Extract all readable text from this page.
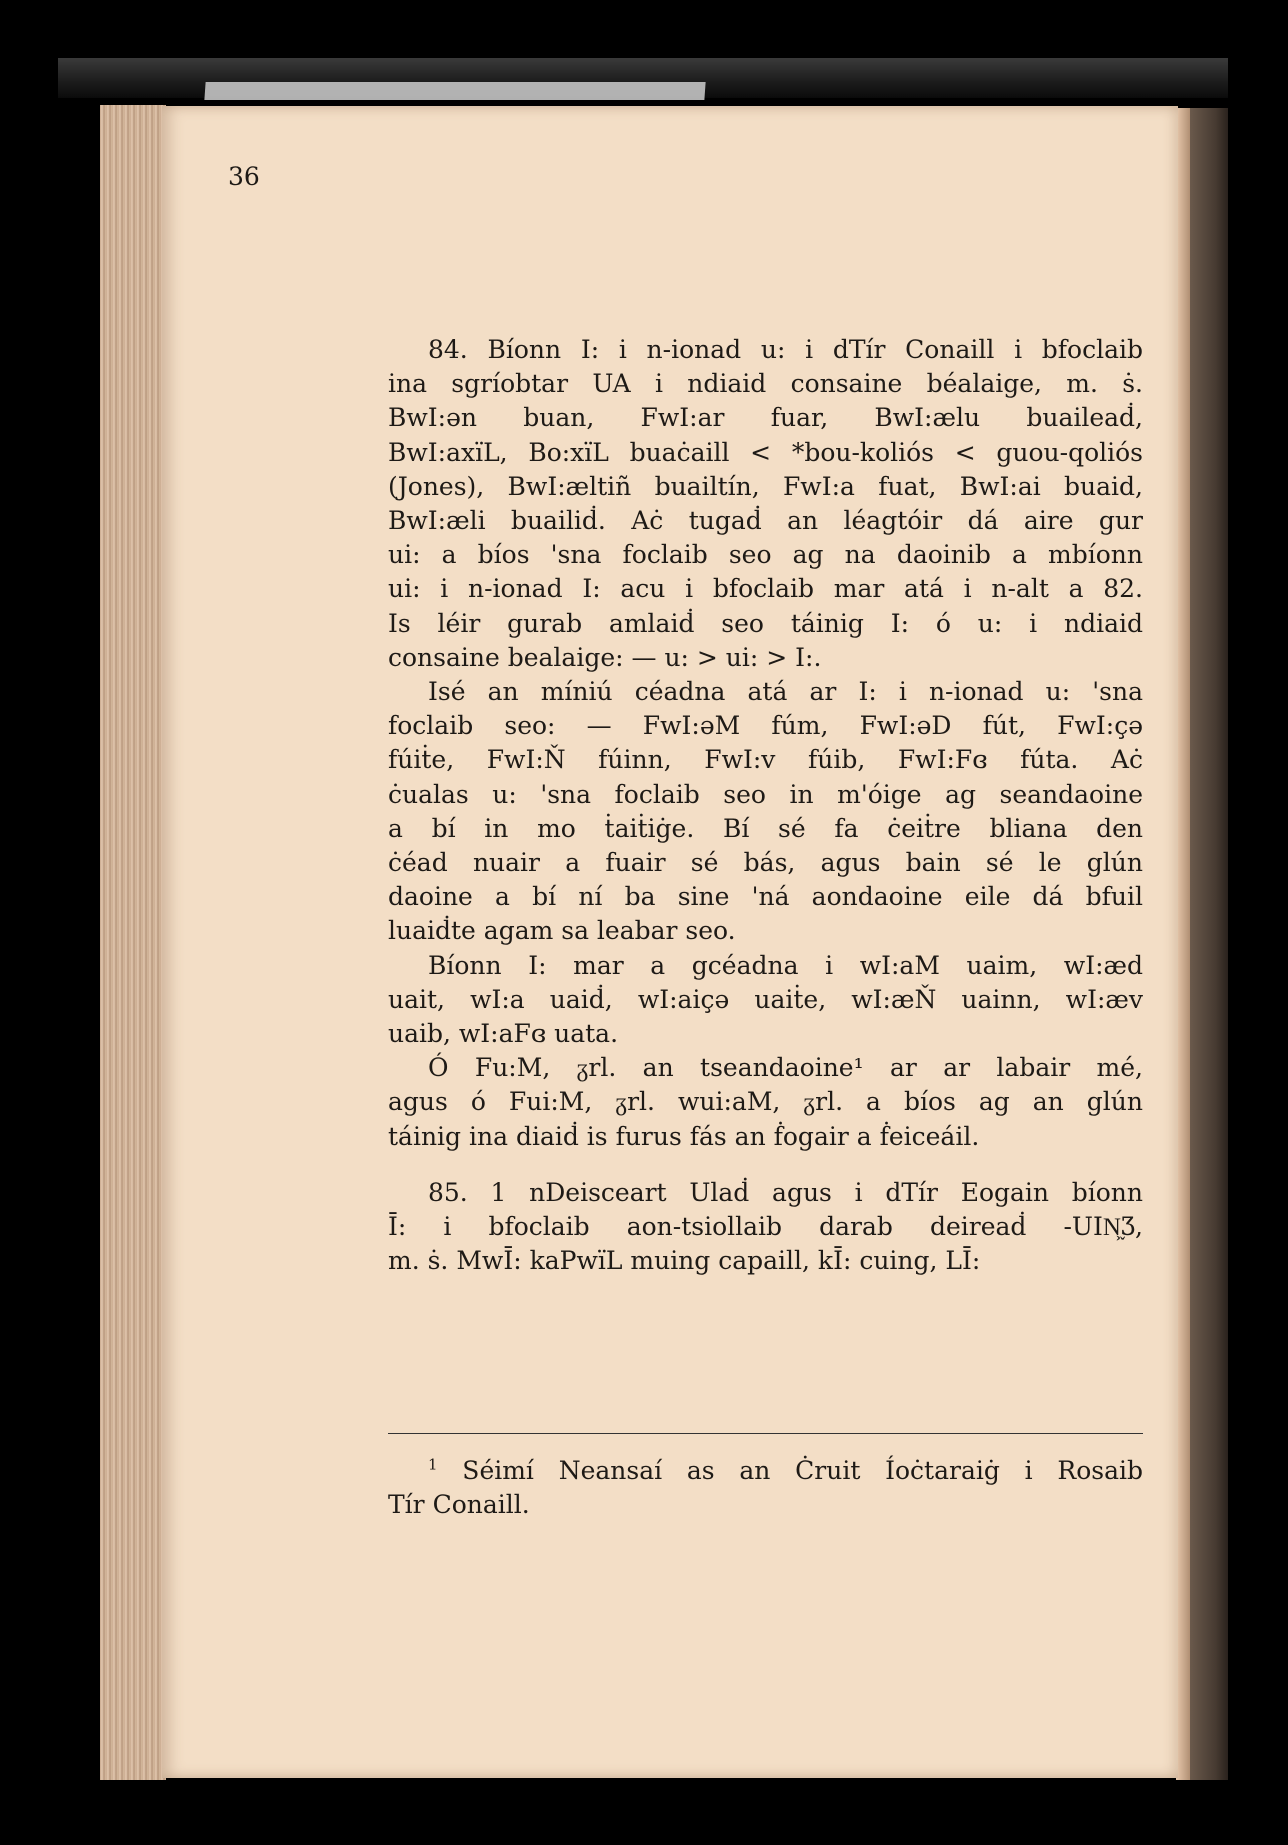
36
84. Bíonn I: i n-ionad u: i dTír Conaill i bfoclaib
ina sgríobtar UA i ndiaid consaine béalaige, m. ṡ.
BwI:ən buan, FwI:ar fuar, BwI:ælu buaileaḋ,
BwI:axïL, Bo:xïL buaċaill < *bou-koliós < guou-qoliós
(Jones), BwI:æltiñ buailtín, FwI:a fuat, BwI:ai buaid,
BwI:æli buailiḋ. Aċ tugaḋ an léagtóir dá aire gur
ui: a bíos 'sna foclaib seo ag na daoinib a mbíonn
ui: i n-ionad I: acu i bfoclaib mar atá i n-alt a 82.
Is léir gurab amlaiḋ seo táinig I: ó u: i ndiaid
consaine bealaige: — u: > ui: > I:.
Isé an míniú céadna atá ar I: i n-ionad u: 'sna
foclaib seo: — FwI:əM fúm, FwI:əD fút, FwI:çə
fúiṫe, FwI:Ň fúinn, FwI:v fúib, FwI:Fɞ fúta. Aċ
ċualas u: 'sna foclaib seo in m'óige ag seandaoine
a bí in mo ṫaiṫiġe. Bí sé fa ċeiṫre bliana den
ċéad nuair a fuair sé bás, agus bain sé le glún
daoine a bí ní ba sine 'ná aondaoine eile dá bfuil
luaiḋte agam sa leabar seo.
Bíonn I: mar a gcéadna i wI:aM uaim, wI:æd
uait, wI:a uaiḋ, wI:aiçə uaiṫe, wI:æŇ uainn, wI:æv
uaib, wI:aFɞ uata.
Ó Fu:M, ᵹrl. an tseandaoine¹ ar ar labair mé,
agus ó Fui:M, ᵹrl. wui:aM, ᵹrl. a bíos ag an glún
táinig ina diaiḋ is furus fás an ḟogair a ḟeiceáil.
85. 1 nDeisceart Ulaḋ agus i dTír Eogain bíonn
Ī: i bfoclaib aon-tsiollaib darab deireaḋ -UIN᷿Ӡ,
m. ṡ. MwĪ: kaPwïL muing capaill, kĪ: cuing, LĪ:
$^1$ Séimí Neansaí as an Ċruit Íoċtaraiġ i Rosaib
Tír Conaill.
